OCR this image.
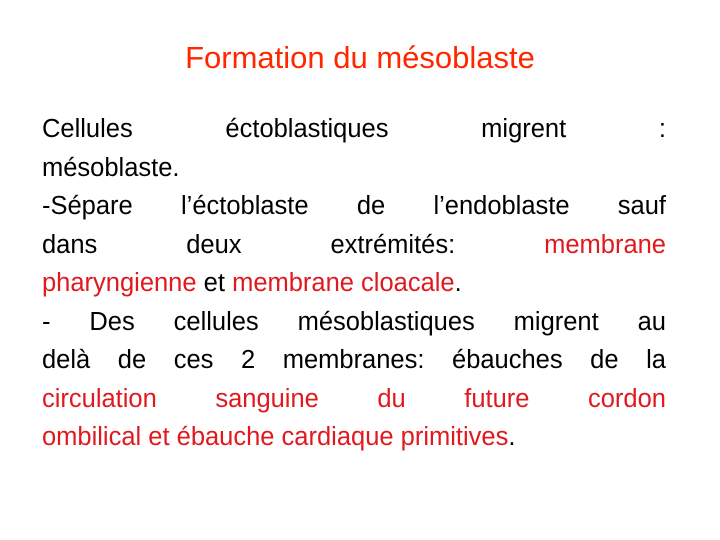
Formation du mésoblaste
Cellules	éctoblastiques	migrent	:
mésoblaste.
-Sépare l’éctoblaste de l’endoblaste sauf
dans	deux	extrémités:	membrane
pharyngienne et membrane cloacale.
- Des cellules mésoblastiques migrent au
delà de ces 2 membranes: ébauches de la
circulation sanguine du future cordon
ombilical et ébauche cardiaque primitives.
